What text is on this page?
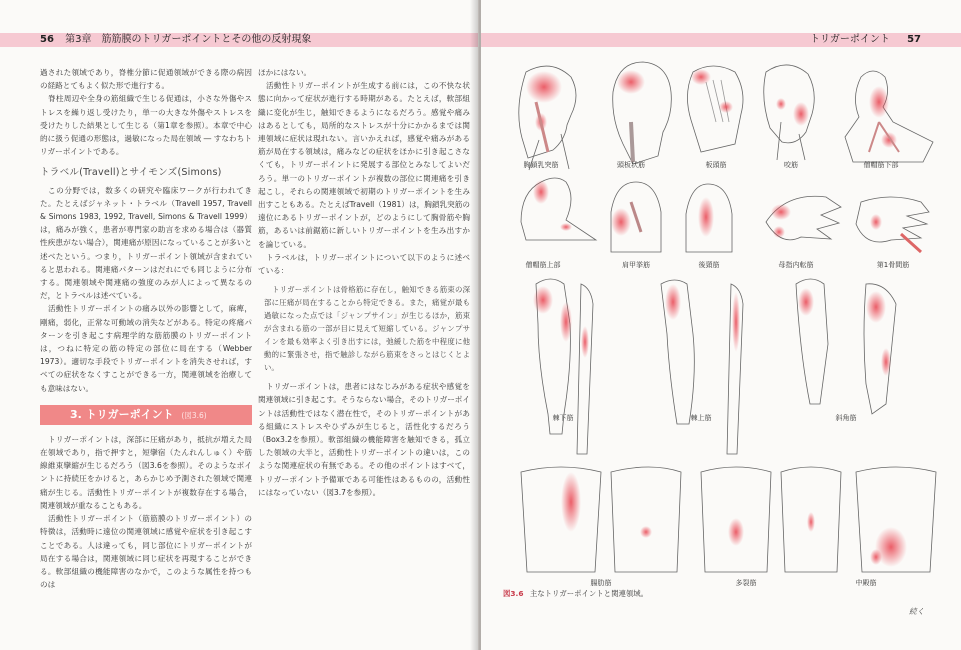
56 第3章　筋筋膜のトリガーポイントとその他の反射現象

過された領域であり，脊椎分節に促通領域ができる際の病因の経路とてもよく似た形で進行する。

脊柱周辺や全身の筋組織で生じる促通は，小さな外傷やストレスを繰り返し受けたり，単一の大きな外傷やストレスを受けたりした結果として生じる（第1章を参照）。本章で中心的に扱う促通の形態は，過敏になった局在領域 ― すなわちトリガーポイントである。

トラベル(Travell)とサイモンズ(Simons)

この分野では，数多くの研究や臨床ワークが行われてきた。たとえばジャネット・トラベル（Travell 1957, Travell & Simons 1983, 1992, Travell, Simons & Travell 1999）は，痛みが強く，患者が専門家の助言を求める場合は（器質性疾患がない場合），関連痛が原因になっていることが多いと述べたという。つまり，トリガーポイント領域が含まれていると思われる。関連痛パターンはだれにでも同じように分布する。関連領域や関連痛の強度のみが人によって異なるのだ，とトラベルは述べている。

活動性トリガーポイントの痛み以外の影響として，麻痺，剛痛，弱化，正常な可動域の消失などがある。特定の疼痛パターンを引き起こす病理学的な筋筋膜のトリガーポイントは，つねに特定の筋の特定の部位に局在する（Webber 1973）。適切な手段でトリガーポイントを消失させれば，すべての症状をなくすことができる一方，関連領域を治療しても意味はない。

3. トリガーポイント (図3.6)

トリガーポイントは，深部に圧痛があり，抵抗が増えた局在領域であり，指で押すと，短攣宿（たんれんしゅく）や筋線維束攣縮が生じるだろう（図3.6を参照）。そのようなポイントに持続圧をかけると，あらかじめ予測された領域で関連痛が生じる。活動性トリガーポイントが複数存在する場合，関連領域が重なることもある。

活動性トリガーポイント（筋筋膜のトリガーポイント）の特徴は，活動時に遠位の関連領域に感覚や症状を引き起こすことである。人は違っても，同じ部位にトリガーポイントが局在する場合は，関連領域に同じ症状を再現することができる。軟部組織の機能障害のなかで，このような属性を持つものは

ほかにはない。

活動性トリガーポイントが生成する前には，この不快な状態に向かって症状が進行する時期がある。たとえば，軟部組織に変化が生じ，触知できるようになるだろう。感覚や痛みはあるとしても，局所的なストレスが十分にかかるまでは関連領域に症状は現れない。言いかえれば，感覚や痛みがある筋が局在する領域は，痛みなどの症状をほかに引き起こさなくても，トリガーポイントに発展する部位とみなしてよいだろう。単一のトリガーポイントが複数の部位に関連痛を引き起こし，それらの関連領域で初期のトリガーポイントを生み出すこともある。たとえばTravell（1981）は，胸鎖乳突筋の遠位にあるトリガーポイントが，どのようにして胸骨筋や胸筋，あるいは前鋸筋に新しいトリガーポイントを生み出すかを論じている。

トラベルは，トリガーポイントについて以下のように述べている：

トリガーポイントは骨格筋に存在し，触知できる筋束の深部に圧痛が局在することから特定できる。また，痛覚が最も過敏になった点では「ジャンプサイン」が生じるほか，筋束が含まれる筋の一部が目に見えて短縮している。ジャンプサインを最も効率よく引き出すには，弛緩した筋を中程度に他動的に緊張させ，指で触診しながら筋束をさっとはじくとよい。

トリガーポイントは，患者にはなじみがある症状や感覚を関連領域に引き起こす。そうならない場合，そのトリガーポイントは活動性ではなく潜在性で，そのトリガーポイントがある組織にストレスやひずみが生じると，活性化するだろう（Box3.2を参照）。軟部組織の機能障害を触知できる，孤立した領域の大半と，活動性トリガーポイントの違いは，このような関連症状の有無である。その他のポイントはすべて，トリガーポイント予備軍である可能性はあるものの，活動性にはなっていない（図3.7を参照）。

トリガーポイント 57
胸鎖乳突筋	頭板状筋	板頭筋	咬筋	僧帽筋下部
僧帽筋上部	肩甲挙筋	後頸筋	母指内転筋	第1骨間筋
棘下筋	棘上筋	斜角筋
腸肋筋	多裂筋	中殿筋
図3.6 主なトリガーポイントと関連領域。
続く
